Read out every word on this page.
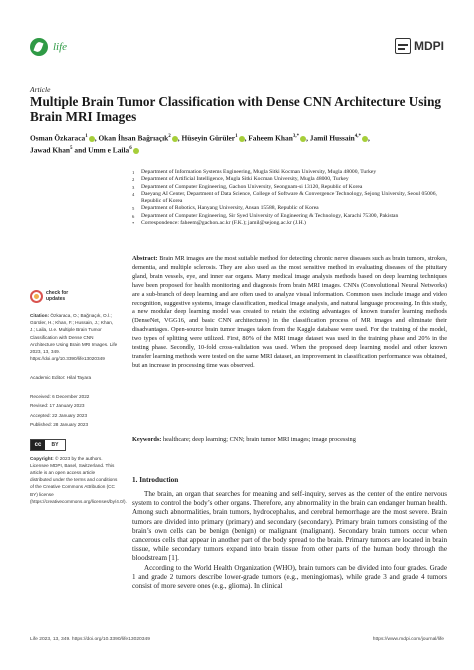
life	MDPI
Article
Multiple Brain Tumor Classification with Dense CNN Architecture Using Brain MRI Images
Osman Özkaraca$^1$ , Okan İhsan Bağrıaçık$^2$ , Hüseyin Gürüler$^1$ , Faheem Khan$^{3,*}$ , Jamil Hussain$^{4,*}$ ,
Jawad Khan$^5$ and Umm e Laila$^6$
1	Department of Information Systems Engineering, Mugla Sitki Kocman University, Mugla 48000, Turkey
2	Department of Artificial Intelligence, Mugla Sitki Kocman University, Mugla 48000, Turkey
3	Department of Computer Engineering, Gachon University, Seongnam-si 13120, Republic of Korea
4	Daeyang AI Center, Department of Data Science, College of Software & Convergence Technology, Sejong University, Seoul 05006, Republic of Korea
5	Department of Robotics, Hanyang University, Ansan 15588, Republic of Korea
6	Department of Computer Engineering, Sir Syed University of Engineering & Technology, Karachi 75300, Pakistan
*	Correspondence: faheem@gachon.ac.kr (F.K.); jamil@sejong.ac.kr (J.H.)
Abstract: Brain MR images are the most suitable method for detecting chronic nerve diseases such as brain tumors, strokes, dementia, and multiple sclerosis. They are also used as the most sensitive method in evaluating diseases of the pituitary gland, brain vessels, eye, and inner ear organs. Many medical image analysis methods based on deep learning techniques have been proposed for health monitoring and diagnosis from brain MRI images. CNNs (Convolutional Neural Networks) are a sub-branch of deep learning and are often used to analyze visual information. Common uses include image and video recognition, suggestive systems, image classification, medical image analysis, and natural language processing. In this study, a new modular deep learning model was created to retain the existing advantages of known transfer learning methods (DenseNet, VGG16, and basic CNN architectures) in the classification process of MR images and eliminate their disadvantages. Open-source brain tumor images taken from the Kaggle database were used. For the training of the model, two types of splitting were utilized. First, 80% of the MRI image dataset was used in the training phase and 20% in the testing phase. Secondly, 10-fold cross-validation was used. When the proposed deep learning model and other known transfer learning methods were tested on the same MRI dataset, an improvement in classification performance was obtained, but an increase in processing time was observed.
Keywords: healthcare; deep learning; CNN; brain tumor MRI images; image processing
check for
updates
Citation: Özkaraca, O.; Bağrıaçık, O.İ.; Gürüler, H.; Khan, F.; Hussain, J.; Khan, J.; Laila, U.e. Multiple Brain Tumor Classification with Dense CNN Architecture Using Brain MRI Images. Life 2023, 13, 349. https://doi.org/10.3390/life13020349
Academic Editor: Hilal Tayara
Received: 6 December 2022
Revised: 17 January 2023
Accepted: 22 January 2023
Published: 28 January 2023
cc	BY
Copyright: © 2023 by the authors. Licensee MDPI, Basel, Switzerland. This article is an open access article distributed under the terms and conditions of the Creative Commons Attribution (CC BY) license (https://creativecommons.org/licenses/by/4.0/).
1. Introduction

The brain, an organ that searches for meaning and self-inquiry, serves as the center of the entire nervous system to control the body’s other organs. Therefore, any abnormality in the brain can endanger human health. Among such abnormalities, brain tumors, hydrocephalus, and cerebral hemorrhage are the most severe. Brain tumors are divided into primary (primary) and secondary (secondary). Primary brain tumors consisting of the brain’s own cells can be benign (benign) or malignant (malignant). Secondary brain tumors occur when cancerous cells that appear in another part of the body spread to the brain. Primary tumors are located in brain tissue, while secondary tumors expand into brain tissue from other parts of the human body through the bloodstream [1].

According to the World Health Organization (WHO), brain tumors can be divided into four grades. Grade 1 and grade 2 tumors describe lower-grade tumors (e.g., meningiomas), while grade 3 and grade 4 tumors consist of more severe ones (e.g., glioma). In clinical

Life 2023, 13, 349. https://doi.org/10.3390/life13020349	https://www.mdpi.com/journal/life
